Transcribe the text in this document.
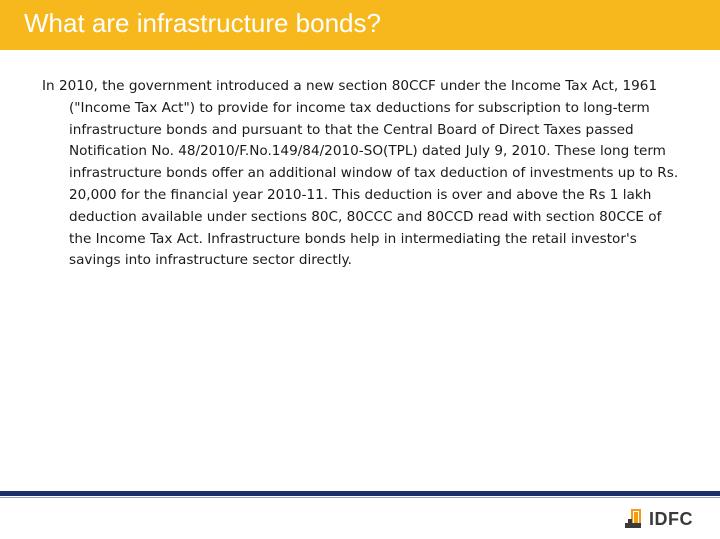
What are infrastructure bonds?
In 2010, the government introduced a new section 80CCF under the Income Tax Act, 1961 ("Income Tax Act") to provide for income tax deductions for subscription to long-term infrastructure bonds and pursuant to that the Central Board of Direct Taxes passed Notification No. 48/2010/F.No.149/84/2010-SO(TPL) dated July 9, 2010. These long term infrastructure bonds offer an additional window of tax deduction of investments up to Rs. 20,000 for the financial year 2010-11. This deduction is over and above the Rs 1 lakh deduction available under sections 80C, 80CCC and 80CCD read with section 80CCE of the Income Tax Act. Infrastructure bonds help in intermediating the retail investor's savings into infrastructure sector directly.
IDFC
